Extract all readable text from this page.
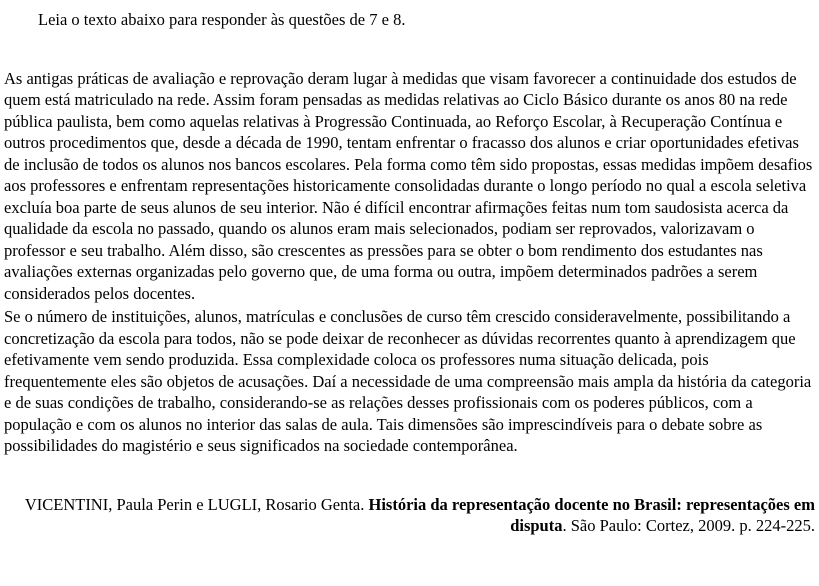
Leia o texto abaixo para responder às questões de 7 e 8.

As antigas práticas de avaliação e reprovação deram lugar à medidas que visam favorecer a continuidade dos estudos de quem está matriculado na rede. Assim foram pensadas as medidas relativas ao Ciclo Básico durante os anos 80 na rede pública paulista, bem como aquelas relativas à Progressão Continuada, ao Reforço Escolar, à Recuperação Contínua e outros procedimentos que, desde a década de 1990, tentam enfrentar o fracasso dos alunos e criar oportunidades efetivas de inclusão de todos os alunos nos bancos escolares. Pela forma como têm sido propostas, essas medidas impõem desafios aos professores e enfrentam representações historicamente consolidadas durante o longo período no qual a escola seletiva excluía boa parte de seus alunos de seu interior. Não é difícil encontrar afirmações feitas num tom saudosista acerca da qualidade da escola no passado, quando os alunos eram mais selecionados, podiam ser reprovados, valorizavam o professor e seu trabalho. Além disso, são crescentes as pressões para se obter o bom rendimento dos estudantes nas avaliações externas organizadas pelo governo que, de uma forma ou outra, impõem determinados padrões a serem considerados pelos docentes.

Se o número de instituições, alunos, matrículas e conclusões de curso têm crescido consideravelmente, possibilitando a concretização da escola para todos, não se pode deixar de reconhecer as dúvidas recorrentes quanto à aprendizagem que efetivamente vem sendo produzida. Essa complexidade coloca os professores numa situação delicada, pois frequentemente eles são objetos de acusações. Daí a necessidade de uma compreensão mais ampla da história da categoria e de suas condições de trabalho, considerando-se as relações desses profissionais com os poderes públicos, com a população e com os alunos no interior das salas de aula. Tais dimensões são imprescindíveis para o debate sobre as possibilidades do magistério e seus significados na sociedade contemporânea.

VICENTINI, Paula Perin e LUGLI, Rosario Genta. História da representação docente no Brasil: representações em disputa. São Paulo: Cortez, 2009. p. 224-225.
